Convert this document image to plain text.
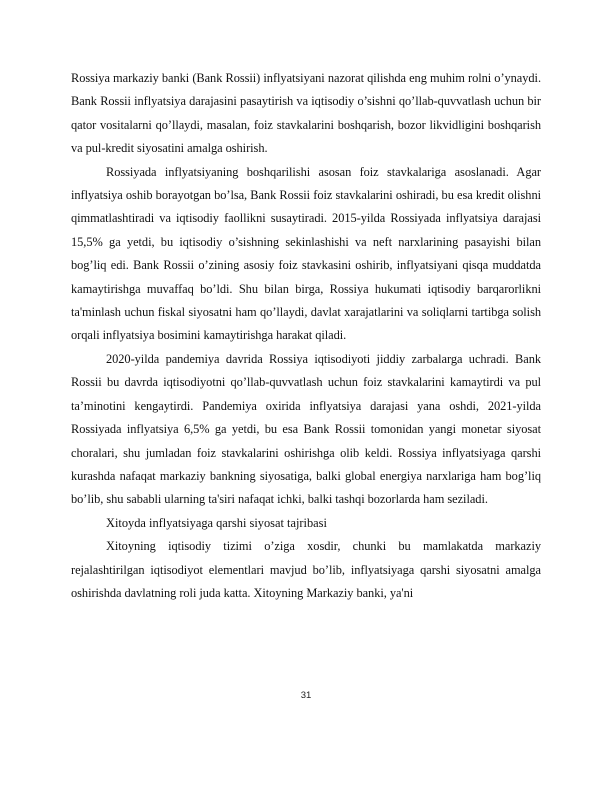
Rossiya markaziy banki (Bank Rossii) inflyatsiyani nazorat qilishda eng muhim rolni o’ynaydi. Bank Rossii inflyatsiya darajasini pasaytirish va iqtisodiy o’sishni qo’llab-quvvatlash uchun bir qator vositalarni qo’llaydi, masalan, foiz stavkalarini boshqarish, bozor likvidligini boshqarish va pul-kredit siyosatini amalga oshirish.

Rossiyada inflyatsiyaning boshqarilishi asosan foiz stavkalariga asoslanadi. Agar inflyatsiya oshib borayotgan bo’lsa, Bank Rossii foiz stavkalarini oshiradi, bu esa kredit olishni qimmatlashtiradi va iqtisodiy faollikni susaytiradi. 2015-yilda Rossiyada inflyatsiya darajasi 15,5% ga yetdi, bu iqtisodiy o’sishning sekinlashishi va neft narxlarining pasayishi bilan bog’liq edi. Bank Rossii o’zining asosiy foiz stavkasini oshirib, inflyatsiyani qisqa muddatda kamaytirishga muvaffaq bo’ldi. Shu bilan birga, Rossiya hukumati iqtisodiy barqarorlikni ta'minlash uchun fiskal siyosatni ham qo’llaydi, davlat xarajatlarini va soliqlarni tartibga solish orqali inflyatsiya bosimini kamaytirishga harakat qiladi.

2020-yilda pandemiya davrida Rossiya iqtisodiyoti jiddiy zarbalarga uchradi. Bank Rossii bu davrda iqtisodiyotni qo’llab-quvvatlash uchun foiz stavkalarini kamaytirdi va pul ta’minotini kengaytirdi. Pandemiya oxirida inflyatsiya darajasi yana oshdi, 2021-yilda Rossiyada inflyatsiya 6,5% ga yetdi, bu esa Bank Rossii tomonidan yangi monetar siyosat choralari, shu jumladan foiz stavkalarini oshirishga olib keldi. Rossiya inflyatsiyaga qarshi kurashda nafaqat markaziy bankning siyosatiga, balki global energiya narxlariga ham bog’liq bo’lib, shu sababli ularning ta'siri nafaqat ichki, balki tashqi bozorlarda ham seziladi.

Xitoyda inflyatsiyaga qarshi siyosat tajribasi

Xitoyning iqtisodiy tizimi o’ziga xosdir, chunki bu mamlakatda markaziy rejalashtirilgan iqtisodiyot elementlari mavjud bo’lib, inflyatsiyaga qarshi siyosatni amalga oshirishda davlatning roli juda katta. Xitoyning Markaziy banki, ya'ni

31
